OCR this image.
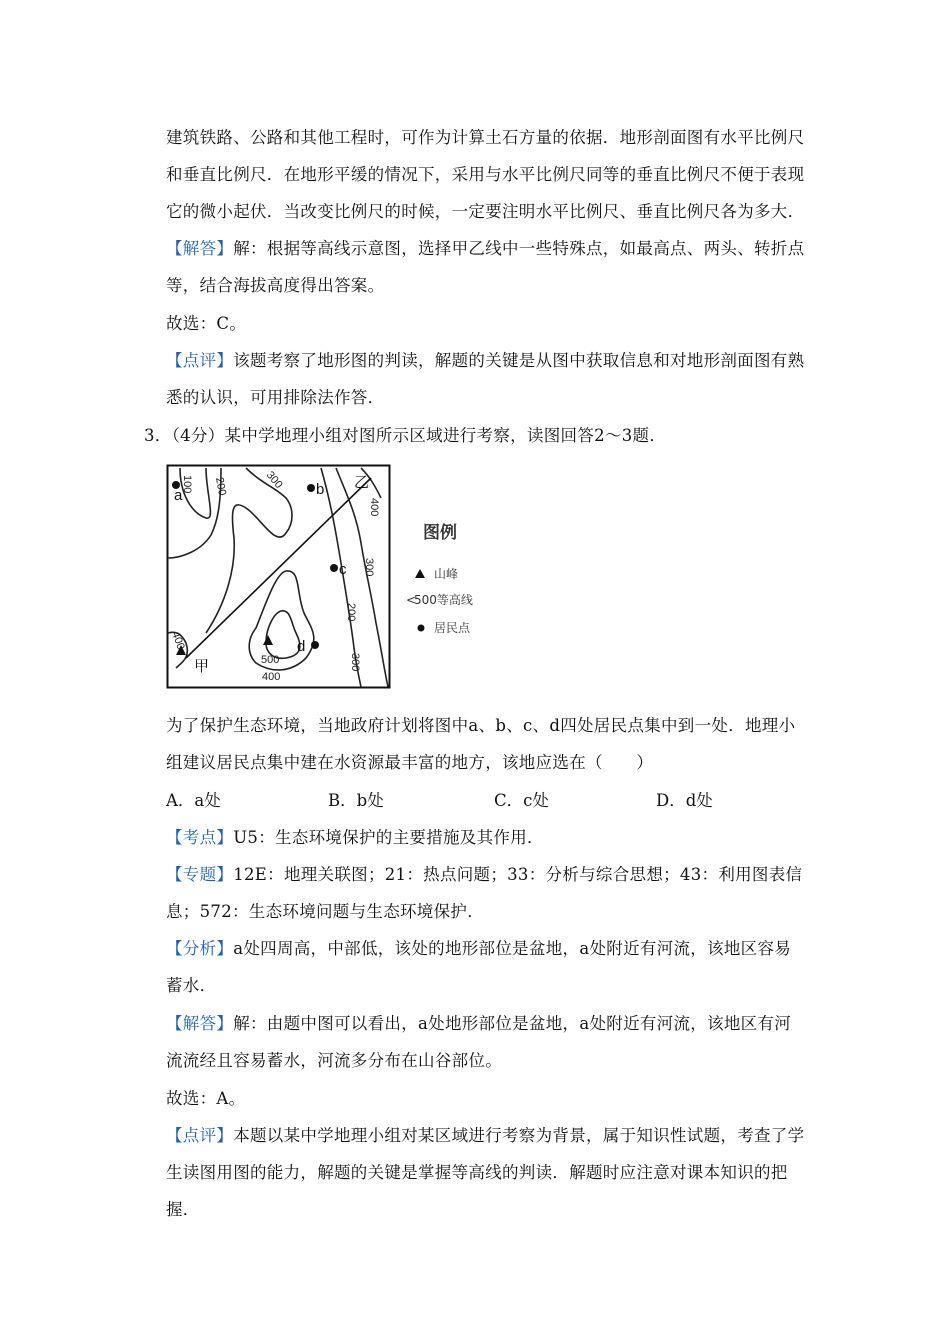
建筑铁路、公路和其他工程时，可作为计算土石方量的依据．地形剖面图有水平比例尺
和垂直比例尺．在地形平缓的情况下，采用与水平比例尺同等的垂直比例尺不便于表现
它的微小起伏．当改变比例尺的时候，一定要注明水平比例尺、垂直比例尺各为多大．
【解答】解：根据等高线示意图，选择甲乙线中一些特殊点，如最高点、两头、转折点
等，结合海拔高度得出答案。
故选：C。
【点评】该题考察了地形图的判读，解题的关键是从图中获取信息和对地形剖面图有熟
悉的认识，可用排除法作答．
3．（4分）某中学地理小组对图所示区域进行考察，读图回答2～3题．
a	b
c
d
甲
乙
100 200	300
400
300
200
300
500
400
400
图例
山峰
<
500等高线
居民点
为了保护生态环境，当地政府计划将图中a、b、c、d四处居民点集中到一处．地理小
组建议居民点集中建在水资源最丰富的地方，该地应选在（　　）
A．a处	B．b处	C．c处	D．d处
【考点】U5：生态环境保护的主要措施及其作用．
【专题】12E：地理关联图；21：热点问题；33：分析与综合思想；43：利用图表信
息；572：生态环境问题与生态环境保护．
【分析】a处四周高，中部低，该处的地形部位是盆地，a处附近有河流，该地区容易
蓄水．
【解答】解：由题中图可以看出，a处地形部位是盆地，a处附近有河流，该地区有河
流流经且容易蓄水，河流多分布在山谷部位。
故选：A。
【点评】本题以某中学地理小组对某区域进行考察为背景，属于知识性试题，考查了学
生读图用图的能力，解题的关键是掌握等高线的判读．解题时应注意对课本知识的把
握．
